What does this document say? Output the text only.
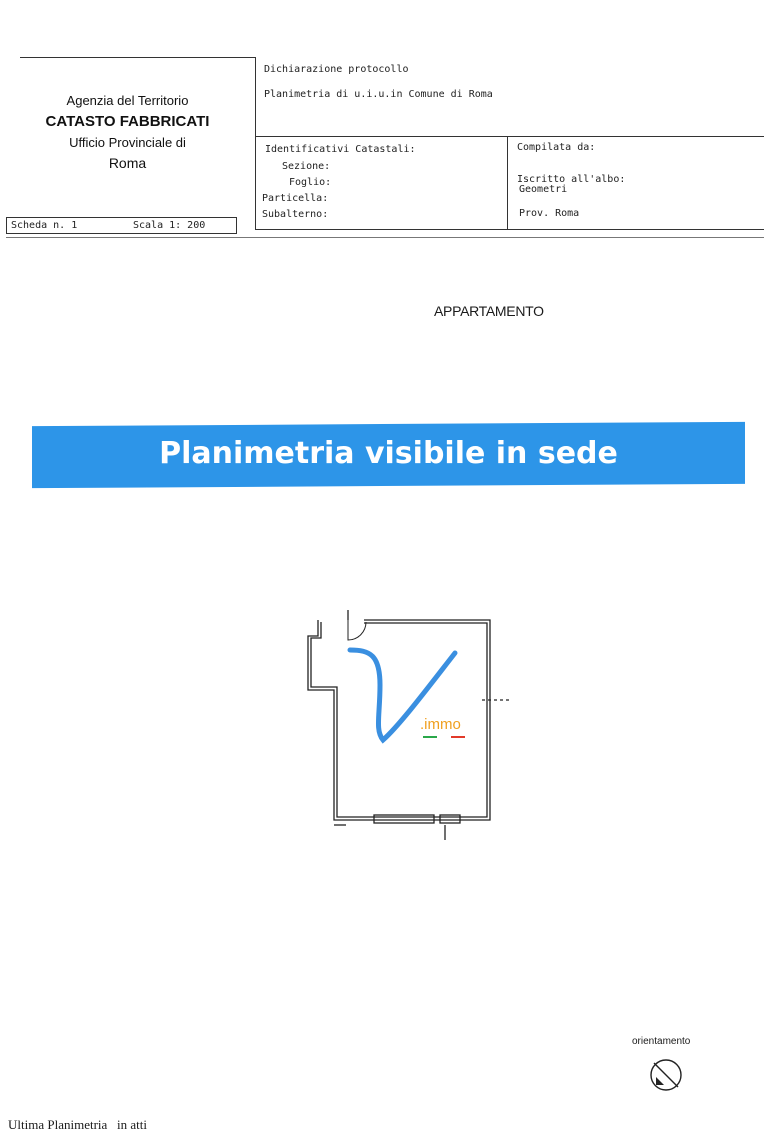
Agenzia del Territorio
CATASTO FABBRICATI
Ufficio Provinciale di
Roma
Scheda n. 1	Scala 1: 200
Dichiarazione protocollo
Planimetria di u.i.u.in Comune di Roma
Identificativi Catastali:
Sezione:
Foglio:
Particella:
Subalterno:
Compilata da:
Iscritto all'albo:
Geometri
Prov. Roma
APPARTAMENTO
Planimetria visibile in sede
.immo
orientamento
Ultima Planimetria   in atti
